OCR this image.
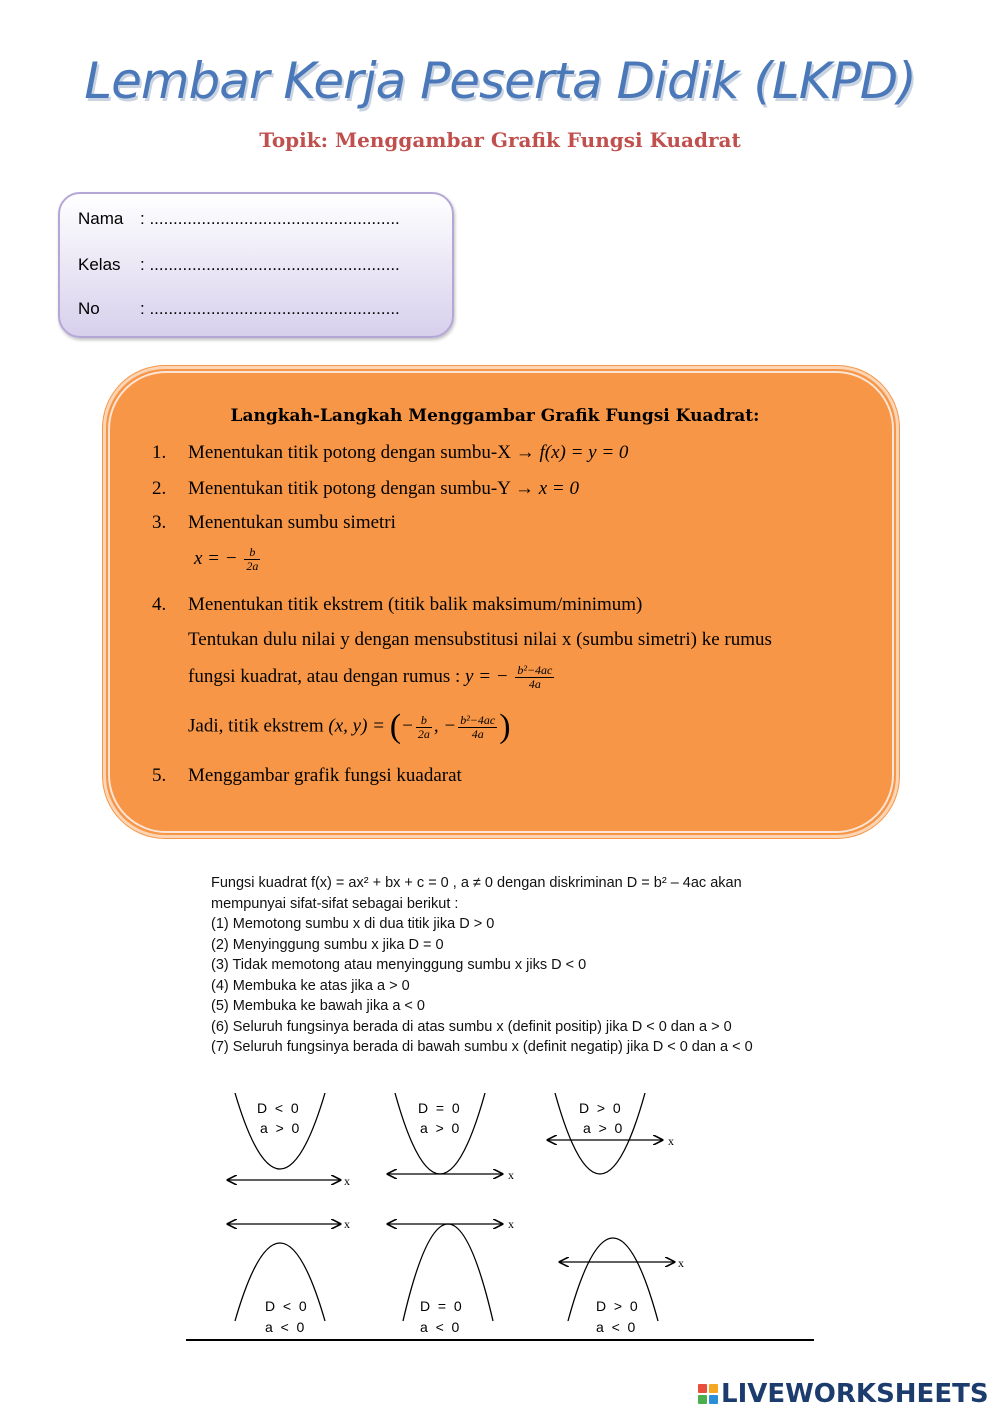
Lembar Kerja Peserta Didik (LKPD)
Topik: Menggambar Grafik Fungsi Kuadrat
Nama : .....................................................
Kelas : .....................................................
No : .....................................................
Langkah-Langkah Menggambar Grafik Fungsi Kuadrat:
1. Menentukan titik potong dengan sumbu-X → f(x) = y = 0
2. Menentukan titik potong dengan sumbu-Y → x = 0
3. Menentukan sumbu simetri
x = − $\frac{b}{2a}$
4. Menentukan titik ekstrem (titik balik maksimum/minimum)
Tentukan dulu nilai y dengan mensubstitusi nilai x (sumbu simetri) ke rumus
fungsi kuadrat, atau dengan rumus : y = − $\frac{\text{b²−4ac}}{4a}$
Jadi, titik ekstrem (x, y) = (− $\frac{b}{2a}$ , − $\frac{\text{b²−4ac}}{4a}$ )
5. Menggambar grafik fungsi kuadarat
Fungsi kuadrat f(x) = ax² + bx + c = 0 , a ≠ 0 dengan diskriminan D = b² – 4ac akan
mempunyai sifat-sifat sebagai berikut :
(1) Memotong sumbu x di dua titik jika D > 0
(2) Menyinggung sumbu x jika D = 0
(3) Tidak memotong atau menyinggung sumbu x jiks D < 0
(4) Membuka ke atas jika a > 0
(5) Membuka ke bawah jika a < 0
(6) Seluruh fungsinya berada di atas sumbu x (definit positip) jika D < 0 dan a > 0
(7) Seluruh fungsinya berada di bawah sumbu x (definit negatip) jika D < 0 dan a < 0
x	x
x
x	x
x
D  <  0
a  >  0
D  =  0
a  >  0
D  >  0
a  >  0
D  <  0
a  <  0
D  =  0
a  <  0
D  >  0
a  <  0
LIVEWORKSHEETS
